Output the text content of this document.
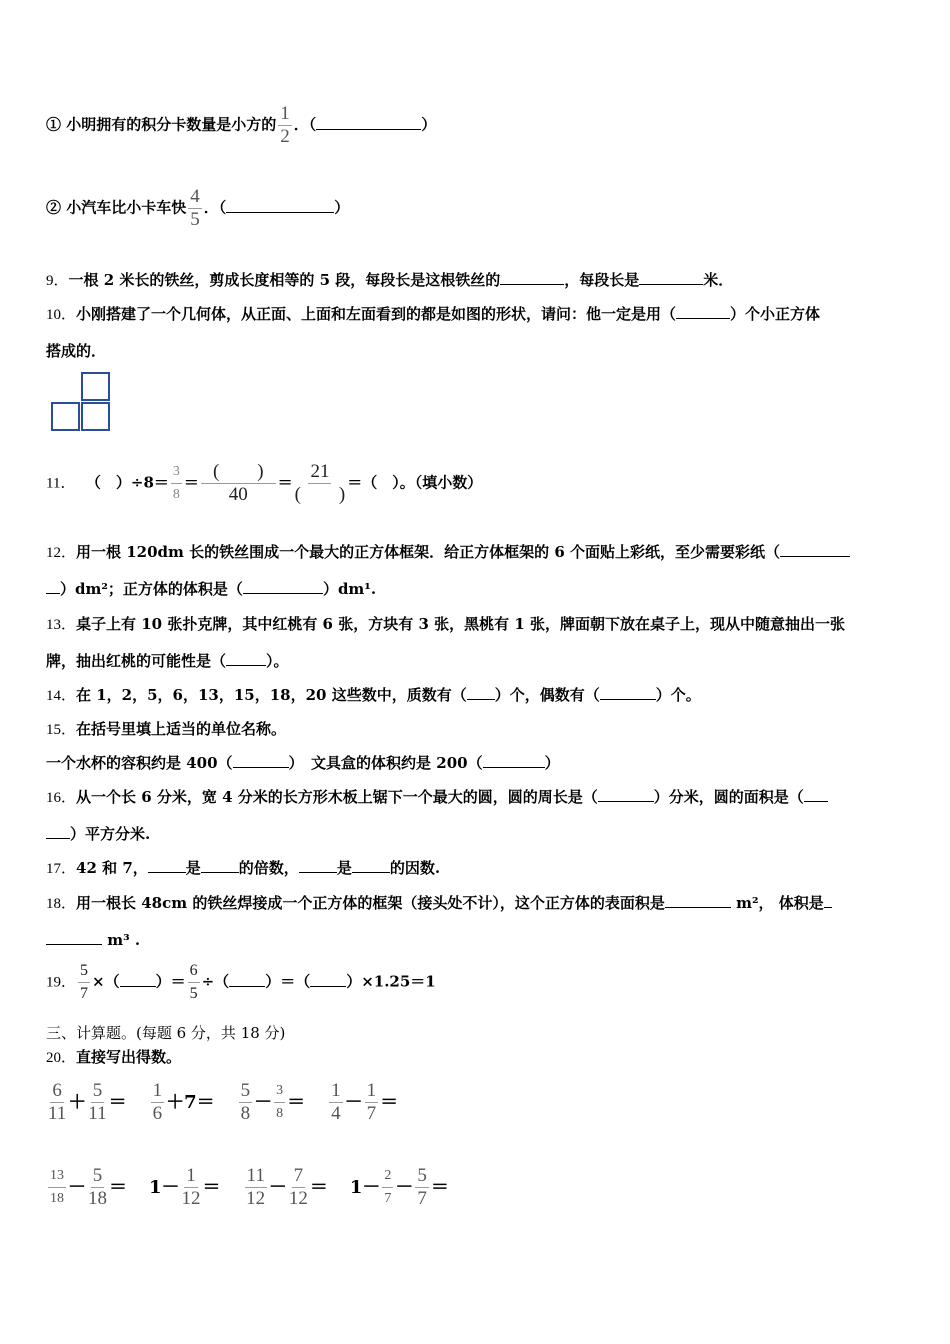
① 小明拥有的积分卡数量是小方的 $\frac{1}{2}$ ．（	）
② 小汽车比小卡车快 $\frac{4}{5}$ ．（	）
9．一根 2 米长的铁丝，剪成长度相等的 5 段，每段长是这根铁丝的	，每段长是	米．
10．小刚搭建了一个几何体，从正面、上面和左面看到的都是如图的形状，请问：他一定是用（	）个小正方体
搭成的．
11． （　）$\div 8= \frac{3}{8} = \frac{( )}{40} = \frac{21}{( )}$ ＝（　）。（填小数）
12．用一根 120dm 长的铁丝围成一个最大的正方体框架．给正方体框架的 6 个面贴上彩纸，至少需要彩纸（
）dm²；正方体的体积是（	）dm¹.
13．桌子上有 10 张扑克牌，其中红桃有 6 张，方块有 3 张，黑桃有 1 张，牌面朝下放在桌子上，现从中随意抽出一张
牌，抽出红桃的可能性是（	）。
14．在 1，2，5，6，13，15，18，20 这些数中，质数有（ ）个，偶数有（	）个。
15．在括号里填上适当的单位名称。
一个水杯的容积约是 400（	）　文具盒的体积约是 200（	）
16．从一个长 6 分米，宽 4 分米的长方形木板上锯下一个最大的圆，圆的周长是（	）分米，圆的面积是（
）平方分米.
17．42 和 7，	是	的倍数，	是	的因数.
18．用一根长 48cm 的铁丝焊接成一个正方体的框架（接头处不计），这个正方体的表面积是	m²， 体积是
m³ .
19． $\frac{5}{7}$ ×（ ）＝ $\frac{6}{5}$ ÷（ ）＝（ ）×1.25＝1
三、计算题。(每题 6 分，共 18 分)
20．直接写出得数。
$\frac{6}{11} + \frac{5}{11} = \frac{1}{6} +7= \frac{5}{8} - \frac{3}{8} = \frac{1}{4} - \frac{1}{7}$ ＝
$\frac{13}{18} - \frac{5}{18} = 1- \frac{1}{12} = \frac{11}{12} - \frac{7}{12} = 1- \frac{2}{7} - \frac{5}{7}$ ＝
